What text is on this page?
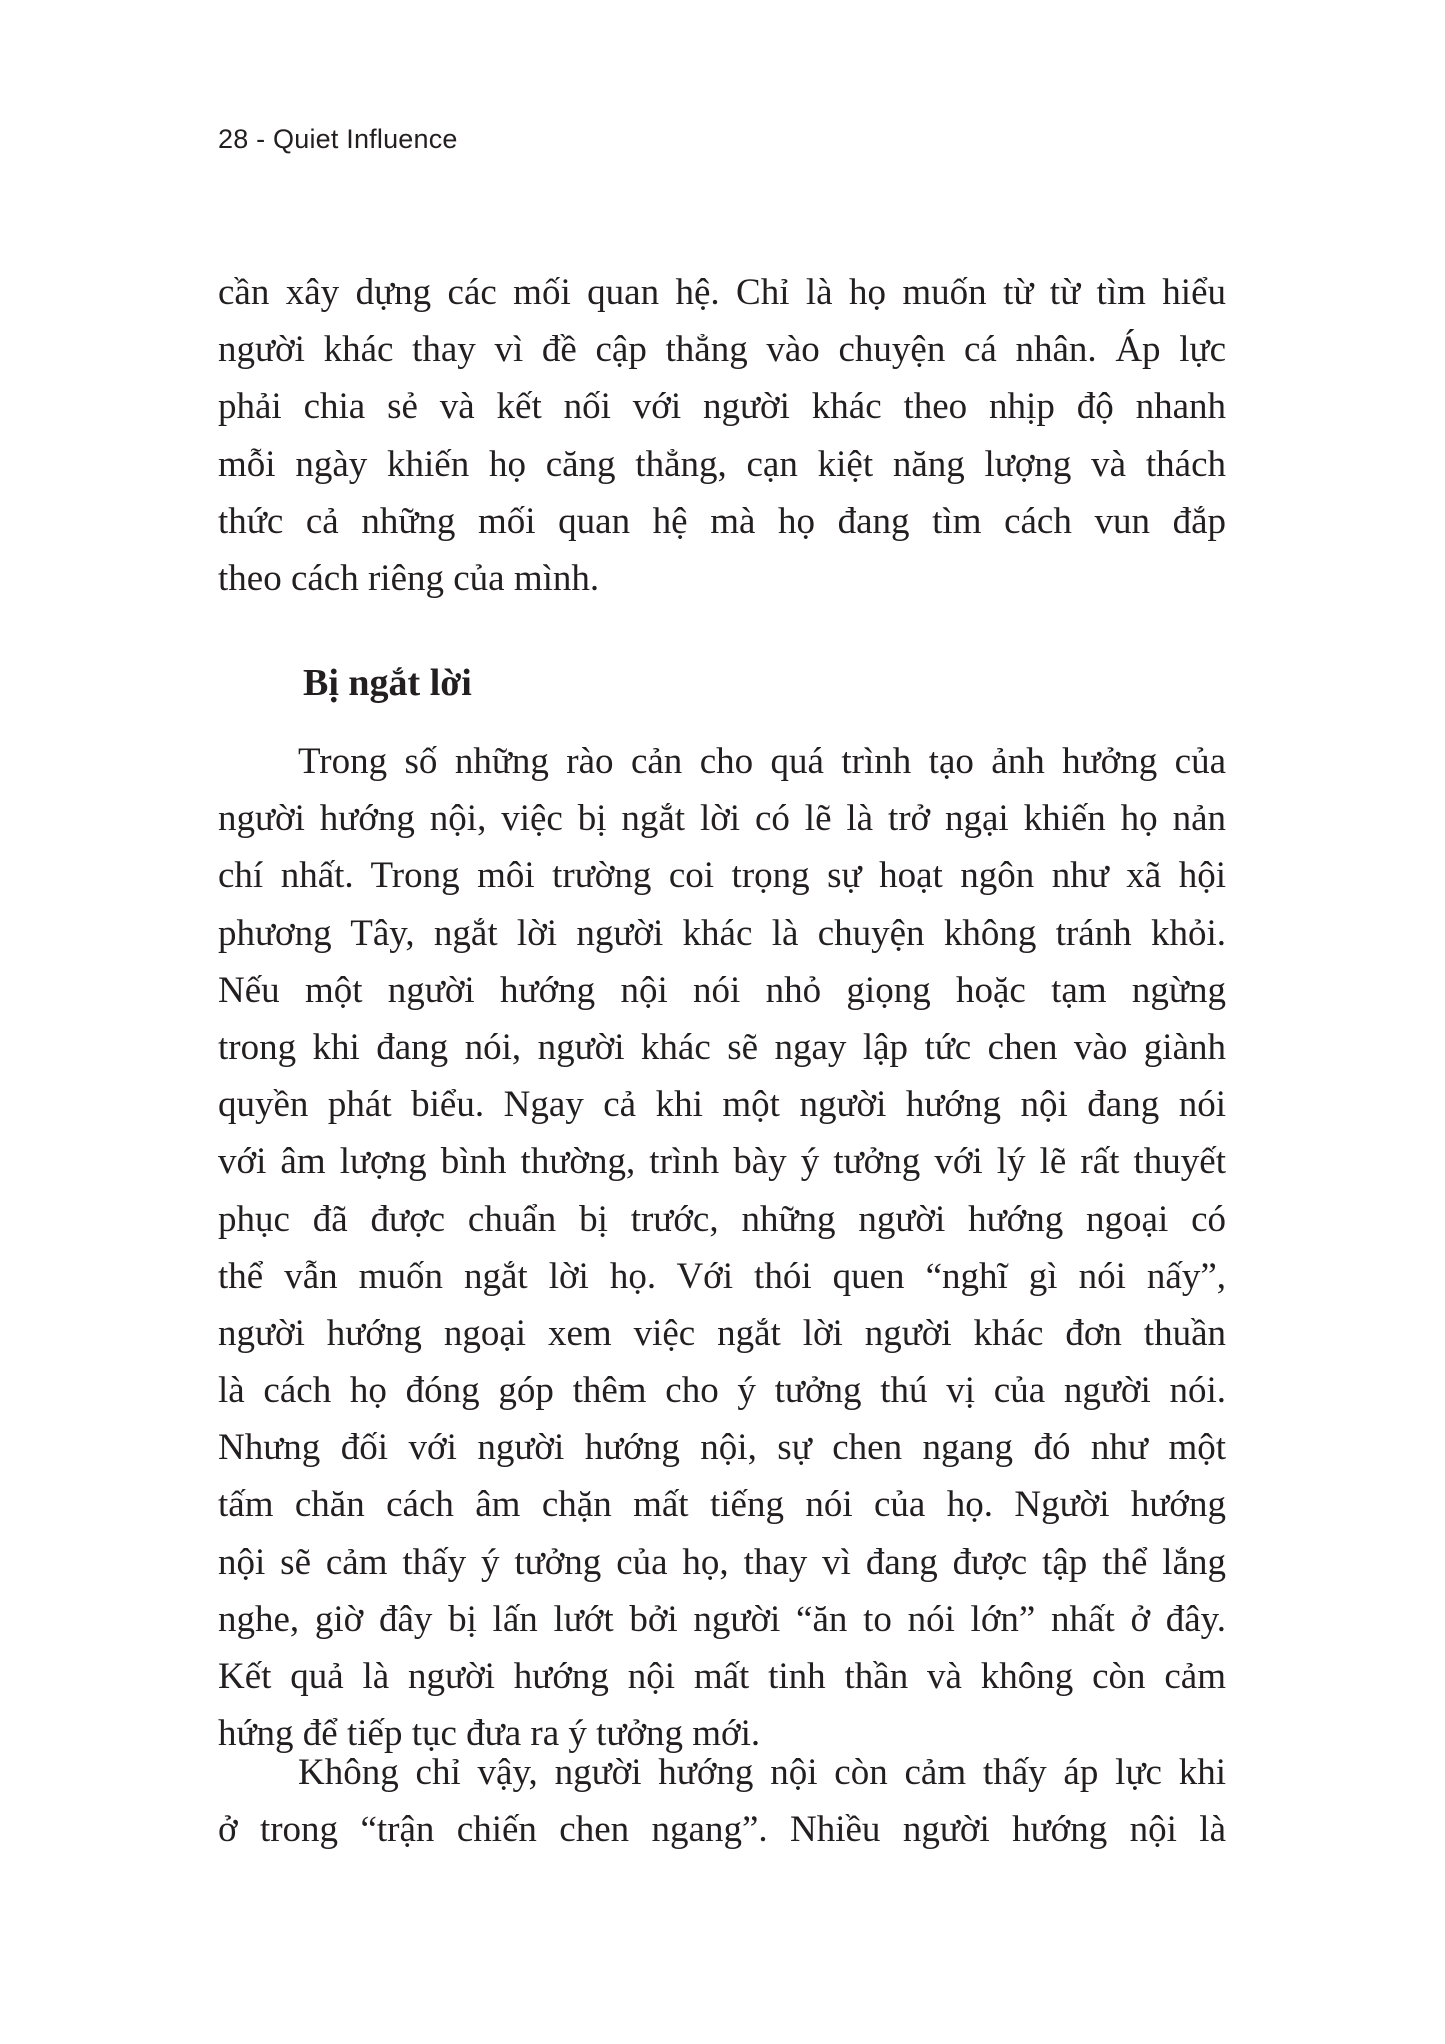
28 - Quiet Influence
cần xây dựng các mối quan hệ. Chỉ là họ muốn từ từ tìm hiểu
người khác thay vì đề cập thẳng vào chuyện cá nhân. Áp lực
phải chia sẻ và kết nối với người khác theo nhịp độ nhanh
mỗi ngày khiến họ căng thẳng, cạn kiệt năng lượng và thách
thức cả những mối quan hệ mà họ đang tìm cách vun đắp
theo cách riêng của mình.
Bị ngắt lời
Trong số những rào cản cho quá trình tạo ảnh hưởng của
người hướng nội, việc bị ngắt lời có lẽ là trở ngại khiến họ nản
chí nhất. Trong môi trường coi trọng sự hoạt ngôn như xã hội
phương Tây, ngắt lời người khác là chuyện không tránh khỏi.
Nếu một người hướng nội nói nhỏ giọng hoặc tạm ngừng
trong khi đang nói, người khác sẽ ngay lập tức chen vào giành
quyền phát biểu. Ngay cả khi một người hướng nội đang nói
với âm lượng bình thường, trình bày ý tưởng với lý lẽ rất thuyết
phục đã được chuẩn bị trước, những người hướng ngoại có
thể vẫn muốn ngắt lời họ. Với thói quen “nghĩ gì nói nấy”,
người hướng ngoại xem việc ngắt lời người khác đơn thuần
là cách họ đóng góp thêm cho ý tưởng thú vị của người nói.
Nhưng đối với người hướng nội, sự chen ngang đó như một
tấm chăn cách âm chặn mất tiếng nói của họ. Người hướng
nội sẽ cảm thấy ý tưởng của họ, thay vì đang được tập thể lắng
nghe, giờ đây bị lấn lướt bởi người “ăn to nói lớn” nhất ở đây.
Kết quả là người hướng nội mất tinh thần và không còn cảm
hứng để tiếp tục đưa ra ý tưởng mới.
Không chỉ vậy, người hướng nội còn cảm thấy áp lực khi
ở trong “trận chiến chen ngang”. Nhiều người hướng nội là
